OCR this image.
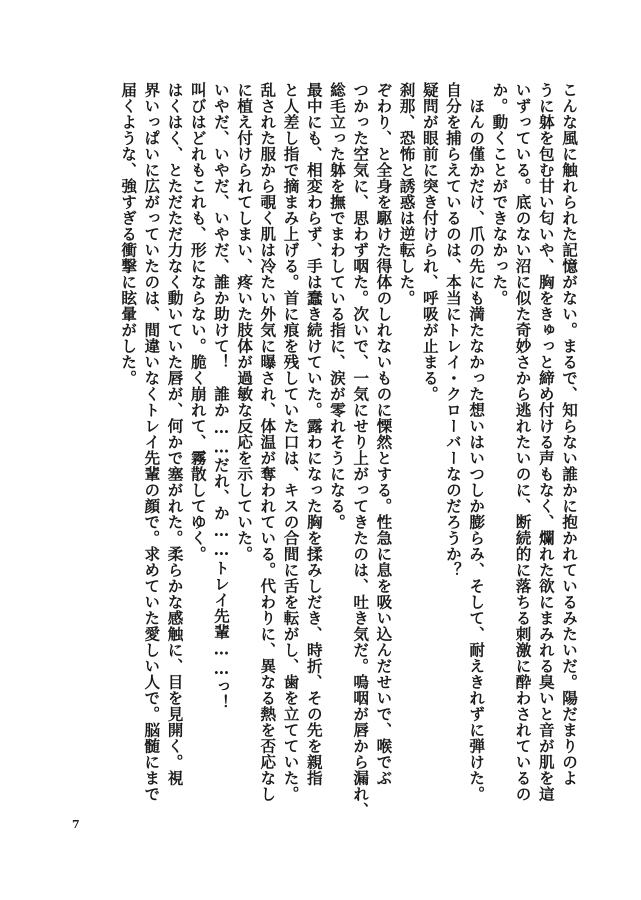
こんな風に触れられた記憶がない。まるで、知らない誰かに抱かれているみたいだ。陽だまりのよ
うに躰を包む甘い匂いや、胸をきゅっと締め付ける声もなく、爛れた欲にまみれる臭いと音が肌を這
いずっている。底のない沼に似た奇妙さから逃れたいのに、断続的に落ちる刺激に酔わされているの
か。動くことができなかった。
　ほんの僅かだけ、爪の先にも満たなかった想いはいつしか膨らみ、そして、耐えきれずに弾けた。
自分を捕らえているのは、本当にトレイ・クローバーなのだろうか？
疑問が眼前に突き付けられ、呼吸が止まる。
刹那、恐怖と誘惑は逆転した。
ぞわり、と全身を駆けた得体のしれないものに慄然とする。性急に息を吸い込んだせいで、喉でぶ
つかった空気に、思わず咽た。次いで、一気にせり上がってきたのは、吐き気だ。嗚咽が唇から漏れ、
総毛立った躰を撫でまわしている指に、涙が零れそうになる。
最中にも、相変わらず、手は蠢き続けていた。露わになった胸を揉みしだき、時折、その先を親指
と人差し指で摘まみ上げる。首に痕を残していた口は、キスの合間に舌を転がし、歯を立てていた。
乱された服から覗く肌は冷たい外気に曝され、体温が奪われている。代わりに、異なる熱を否応なし
に植え付けられてしまい、疼いた肢体が過敏な反応を示していた。
いやだ、いやだ、いやだ、誰か助けて！　誰か……だれ、か……トレイ先輩……っ！
叫びはどれもこれも、形にならない。脆く崩れて、霧散してゆく。
はくはく、とただただ力なく動いていた唇が、何かで塞がれた。柔らかな感触に、目を見開く。視
界いっぱいに広がっていたのは、間違いなくトレイ先輩の顔で。求めていた愛しい人で。脳髄にまで
届くような、強すぎる衝撃に眩暈がした。
7
